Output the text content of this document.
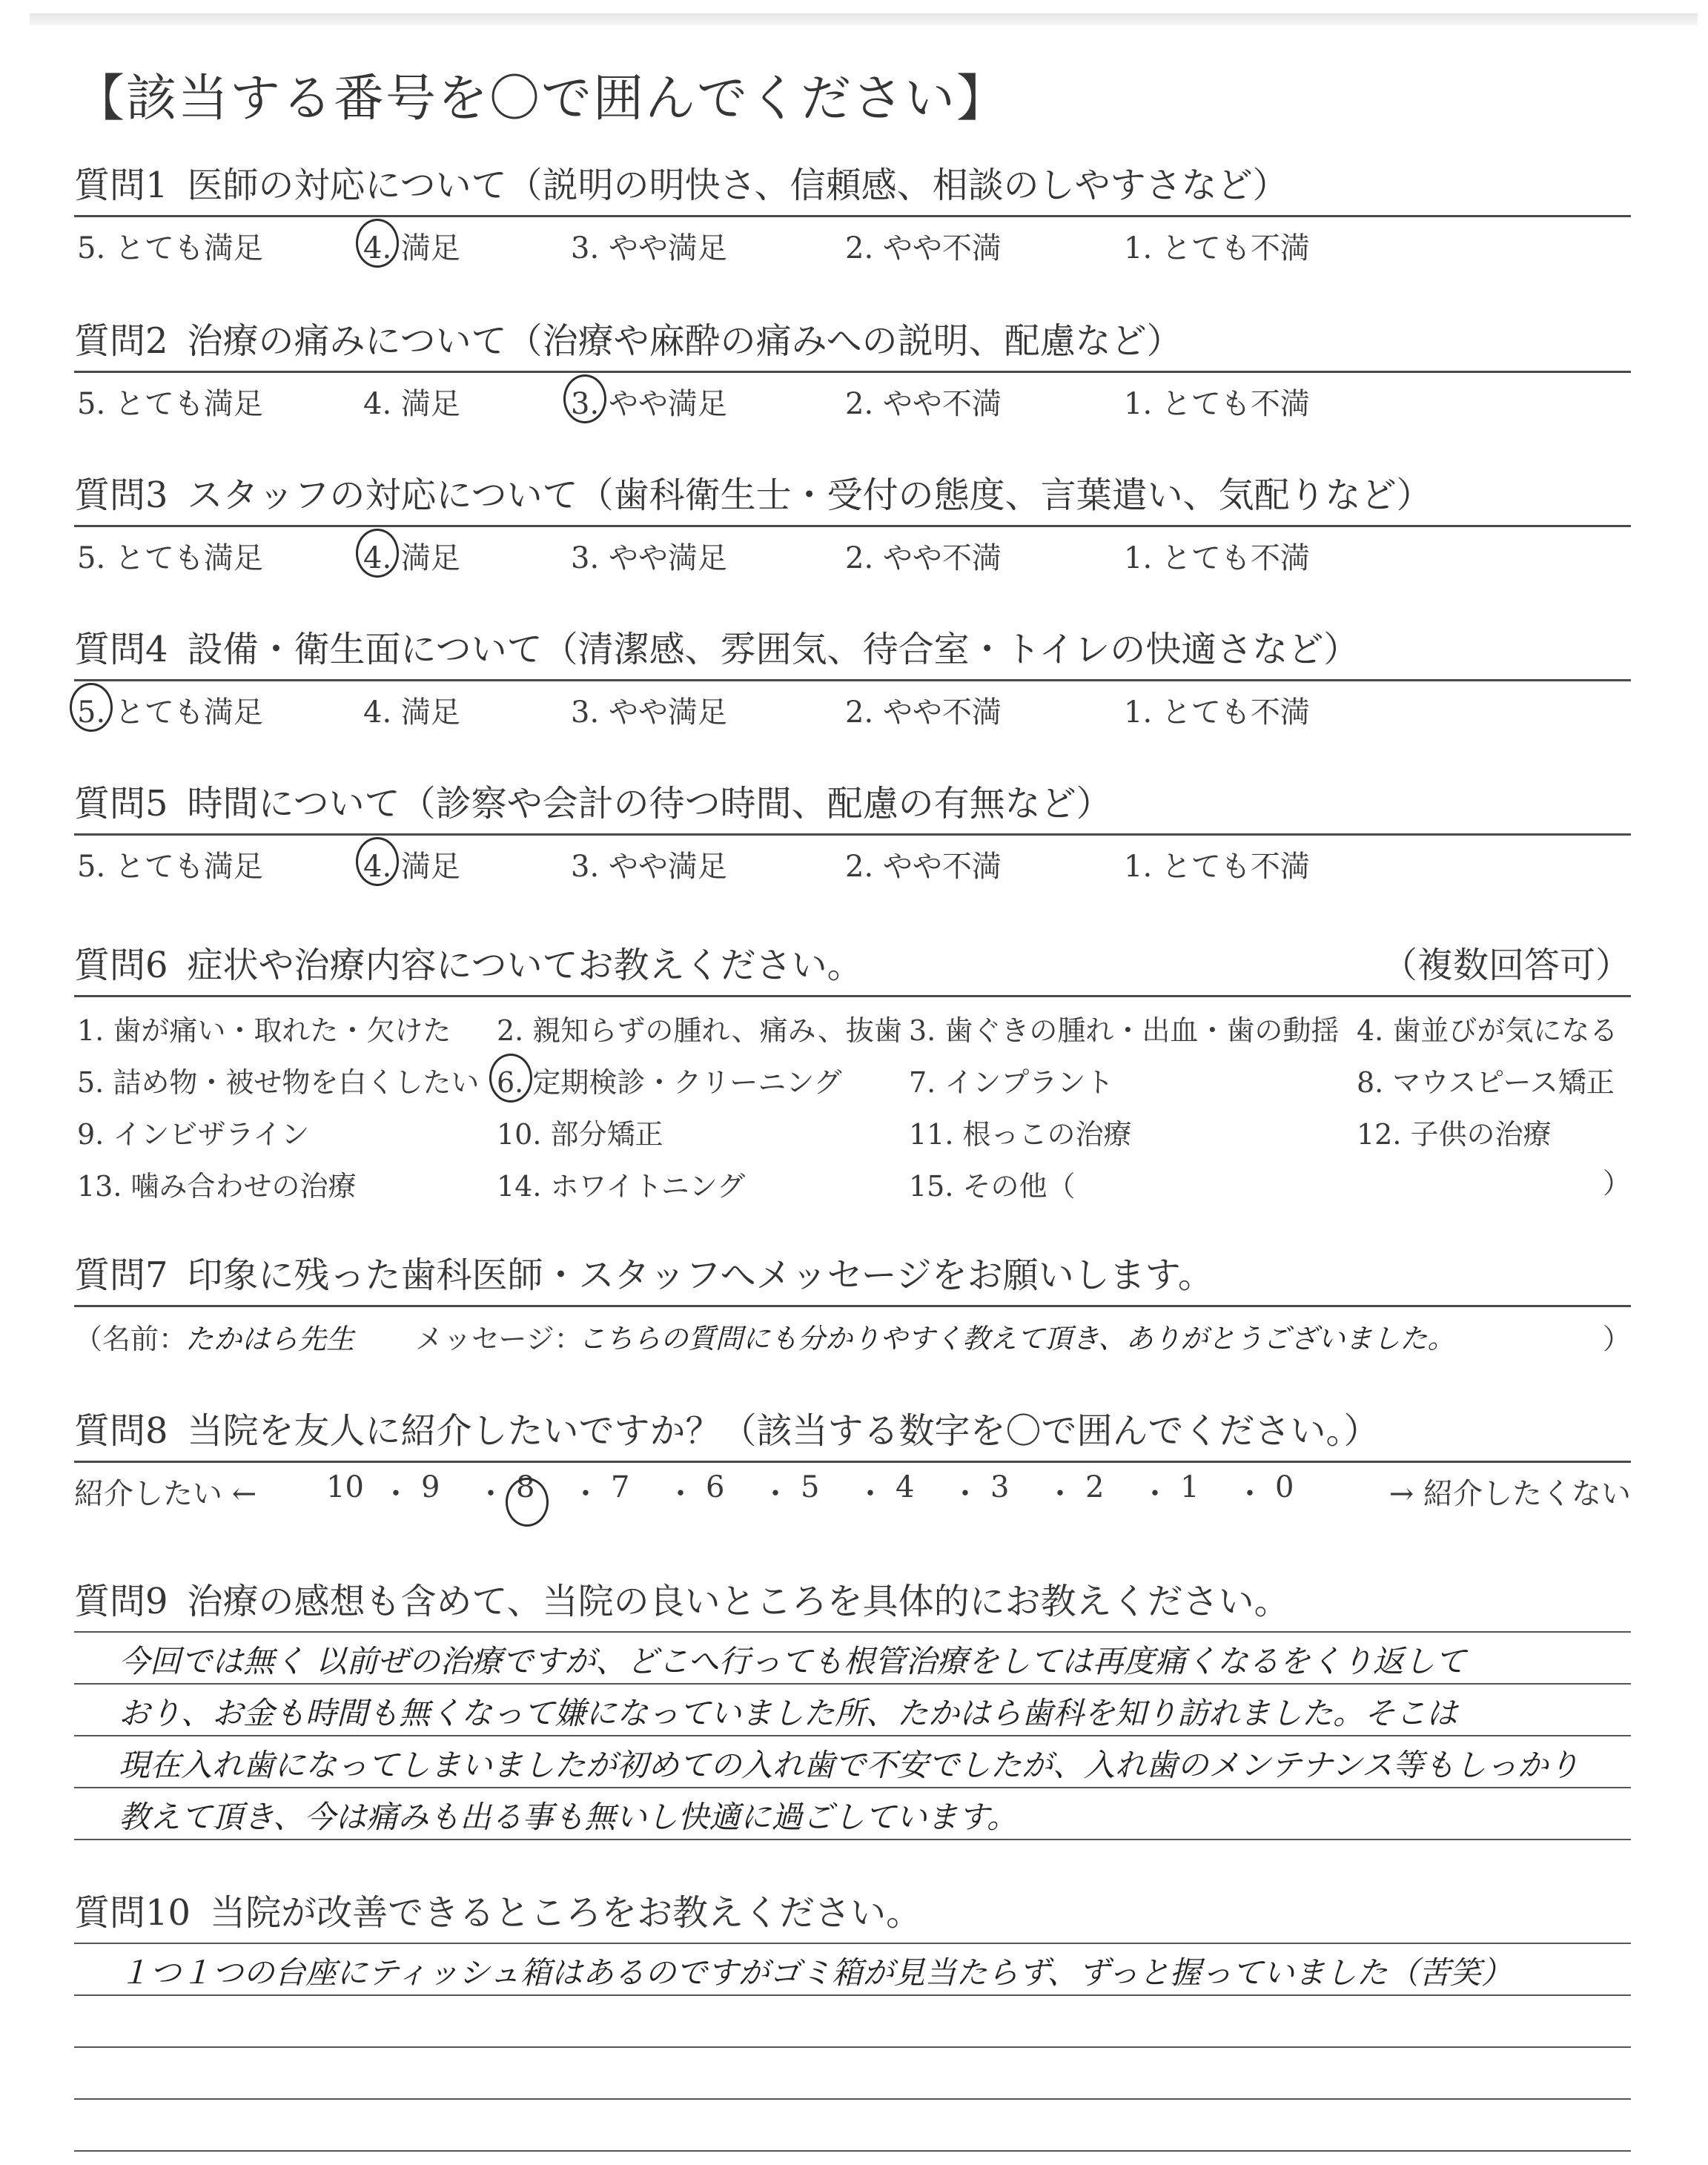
【該当する番号を〇で囲んでください】
質問1 医師の対応について（説明の明快さ、信頼感、相談のしやすさなど）
5. とても満足	4. 満足	3. やや満足	2. やや不満	1. とても不満
質問2 治療の痛みについて（治療や麻酔の痛みへの説明、配慮など）
5. とても満足	4. 満足	3. やや満足	2. やや不満	1. とても不満
質問3 スタッフの対応について（歯科衛生士・受付の態度、言葉遣い、気配りなど）
5. とても満足	4. 満足	3. やや満足	2. やや不満	1. とても不満
質問4 設備・衛生面について（清潔感、雰囲気、待合室・トイレの快適さなど）
5. とても満足	4. 満足	3. やや満足	2. やや不満	1. とても不満
質問5 時間について（診察や会計の待つ時間、配慮の有無など）
5. とても満足	4. 満足	3. やや満足	2. やや不満	1. とても不満
質問6 症状や治療内容についてお教えください。	（複数回答可）
）
1. 歯が痛い・取れた・欠けた 2. 親知らずの腫れ、痛み、抜歯 3. 歯ぐきの腫れ・出血・歯の動揺 4. 歯並びが気になる
5. 詰め物・被せ物を白くしたい 6. 定期検診・クリーニング 7. インプラント	8. マウスピース矯正
9. インビザライン	10. 部分矯正	11. 根っこの治療	12. 子供の治療
13. 噛み合わせの治療	14. ホワイトニング	15. その他（
質問7 印象に残った歯科医師・スタッフへメッセージをお願いします。
（名前：
たかはら先生 メッセージ：
こちらの質問にも分かりやすく教えて頂き、ありがとうございました。	）
質問8 当院を友人に紹介したいですか？（該当する数字を〇で囲んでください。）
紹介したい ←	→ 紹介したくない
10 ・ 9 ・ 8 ・ 7 ・ 6 ・ 5 ・ 4 ・ 3 ・ 2 ・ 1 ・ 0
質問9 治療の感想も含めて、当院の良いところを具体的にお教えください。
今回では無く 以前ぜの治療ですが、どこへ行っても根管治療をしては再度痛くなるをくり返して
おり、お金も時間も無くなって嫌になっていました所、たかはら歯科を知り訪れました。そこは
現在入れ歯になってしまいましたが初めての入れ歯で不安でしたが、入れ歯のメンテナンス等もしっかり
教えて頂き、今は痛みも出る事も無いし快適に過ごしています。
質問10 当院が改善できるところをお教えください。
１つ１つの台座にティッシュ箱はあるのですがゴミ箱が見当たらず、ずっと握っていました（苦笑）
